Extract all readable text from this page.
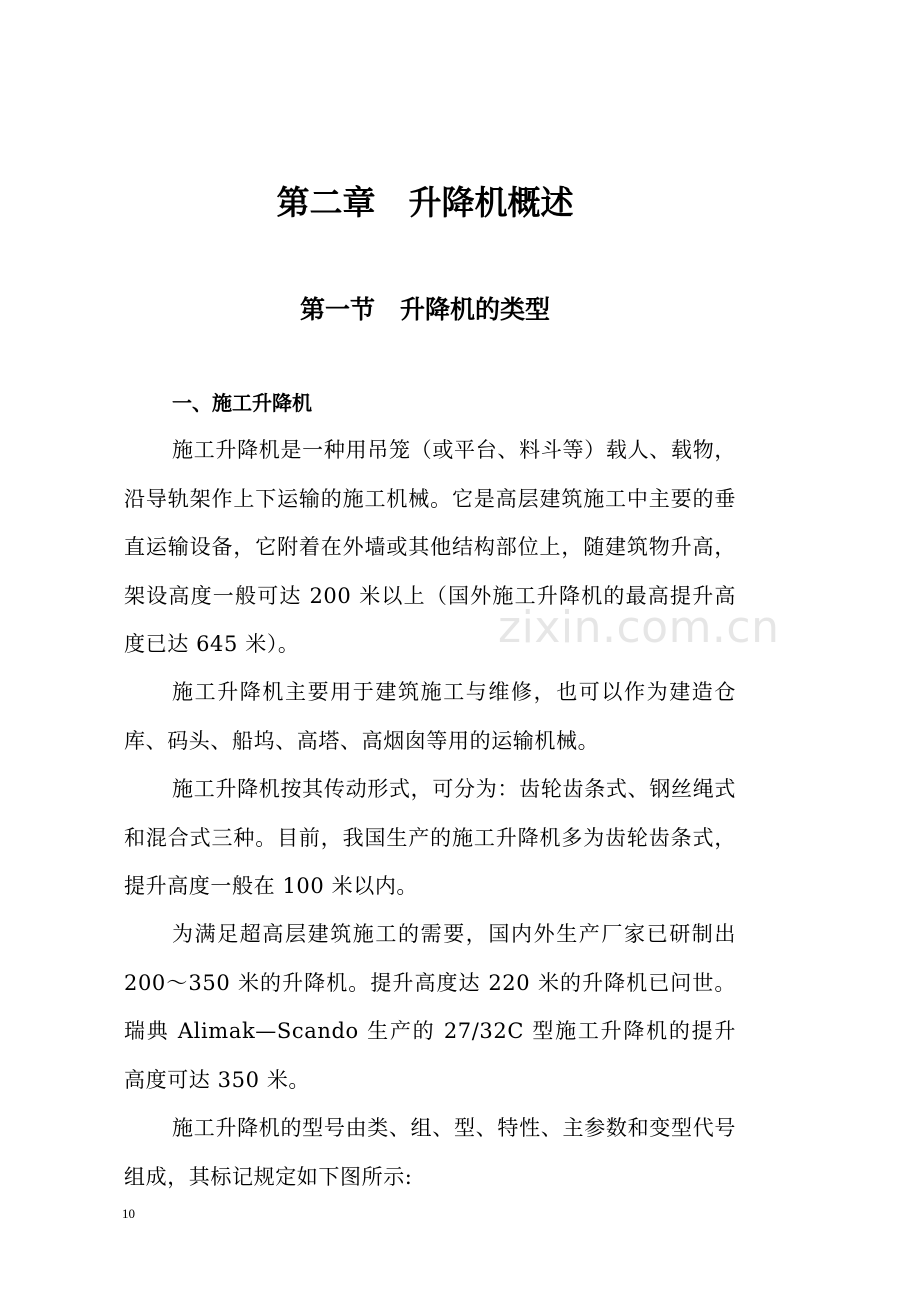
第二章　升降机概述
第一节　升降机的类型
一、施工升降机

施工升降机是一种用吊笼（或平台、料斗等）载人、载物，沿导轨架作上下运输的施工机械。它是高层建筑施工中主要的垂直运输设备，它附着在外墙或其他结构部位上，随建筑物升高，架设高度一般可达 200 米以上（国外施工升降机的最高提升高度已达 645 米）。

施工升降机主要用于建筑施工与维修，也可以作为建造仓库、码头、船坞、高塔、高烟囱等用的运输机械。

施工升降机按其传动形式，可分为：齿轮齿条式、钢丝绳式和混合式三种。目前，我国生产的施工升降机多为齿轮齿条式，提升高度一般在 100 米以内。

为满足超高层建筑施工的需要，国内外生产厂家已研制出 200～350 米的升降机。提升高度达 220 米的升降机已问世。瑞典 Alimak—Scando 生产的 27/32C 型施工升降机的提升高度可达 350 米。

施工升降机的型号由类、组、型、特性、主参数和变型代号组成，其标记规定如下图所示:

zixin.com.cn
10
